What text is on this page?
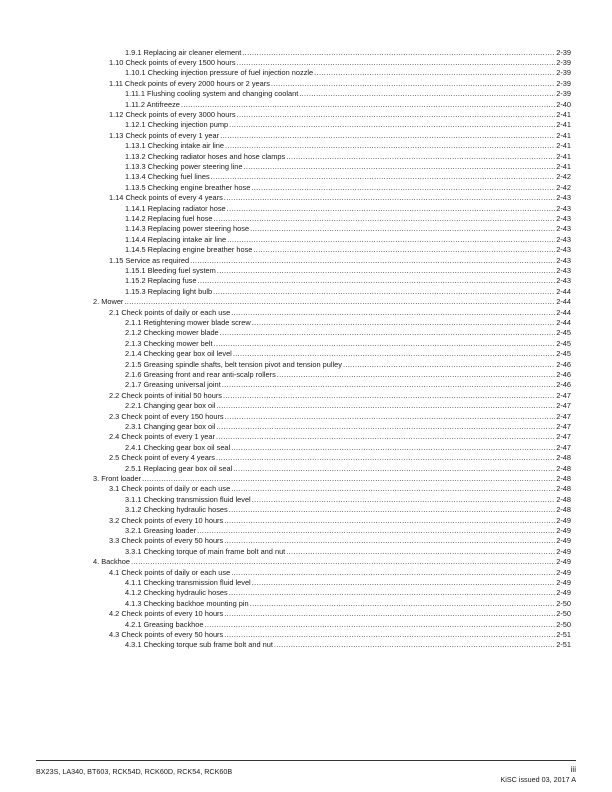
1.9.1 Replacing air cleaner element .....	2-39
1.10 Check points of every 1500 hours .....	2-39
1.10.1 Checking injection pressure of fuel injection nozzle .....	2-39
1.11 Check points of every 2000 hours or 2 years .....	2-39
1.11.1 Flushing cooling system and changing coolant .....	2-39
1.11.2 Antifreeze .....	2-40
1.12 Check points of every 3000 hours .....	2-41
1.12.1 Checking injection pump .....	2-41
1.13 Check points of every 1 year .....	2-41
1.13.1 Checking intake air line .....	2-41
1.13.2 Checking radiator hoses and hose clamps .....	2-41
1.13.3 Checking power steering line .....	2-41
1.13.4 Checking fuel lines .....	2-42
1.13.5 Checking engine breather hose .....	2-42
1.14 Check points of every 4 years .....	2-43
1.14.1 Replacing radiator hose .....	2-43
1.14.2 Replacing fuel hose .....	2-43
1.14.3 Replacing power steering hose .....	2-43
1.14.4 Replacing intake air line .....	2-43
1.14.5 Replacing engine breather hose .....	2-43
1.15 Service as required .....	2-43
1.15.1 Bleeding fuel system .....	2-43
1.15.2 Replacing fuse .....	2-43
1.15.3 Replacing light bulb .....	2-44
2. Mower .....	2-44
2.1 Check points of daily or each use .....	2-44
2.1.1 Retightening mower blade screw .....	2-44
2.1.2 Checking mower blade .....	2-45
2.1.3 Checking mower belt .....	2-45
2.1.4 Checking gear box oil level .....	2-45
2.1.5 Greasing spindle shafts, belt tension pivot and tension pulley .....	2-46
2.1.6 Greasing front and rear anti-scalp rollers .....	2-46
2.1.7 Greasing universal joint .....	2-46
2.2 Check points of initial 50 hours .....	2-47
2.2.1 Changing gear box oil .....	2-47
2.3 Check point of every 150 hours .....	2-47
2.3.1 Changing gear box oil .....	2-47
2.4 Check points of every 1 year .....	2-47
2.4.1 Checking gear box oil seal .....	2-47
2.5 Check point of every 4 years .....	2-48
2.5.1 Replacing gear box oil seal .....	2-48
3. Front loader .....	2-48
3.1 Check points of daily or each use .....	2-48
3.1.1 Checking transmission fluid level .....	2-48
3.1.2 Checking hydraulic hoses .....	2-48
3.2 Check points of every 10 hours .....	2-49
3.2.1 Greasing loader .....	2-49
3.3 Check points of every 50 hours .....	2-49
3.3.1 Checking torque of main frame bolt and nut .....	2-49
4. Backhoe .....	2-49
4.1 Check points of daily or each use .....	2-49
4.1.1 Checking transmission fluid level .....	2-49
4.1.2 Checking hydraulic hoses .....	2-49
4.1.3 Checking backhoe mounting pin .....	2-50
4.2 Check points of every 10 hours .....	2-50
4.2.1 Greasing backhoe .....	2-50
4.3 Check points of every 50 hours .....	2-51
4.3.1 Checking torque sub frame bolt and nut .....	2-51
BX23S, LA340, BT603, RCK54D, RCK60D, RCK54, RCK60B	iii
KiSC issued 03, 2017 A
